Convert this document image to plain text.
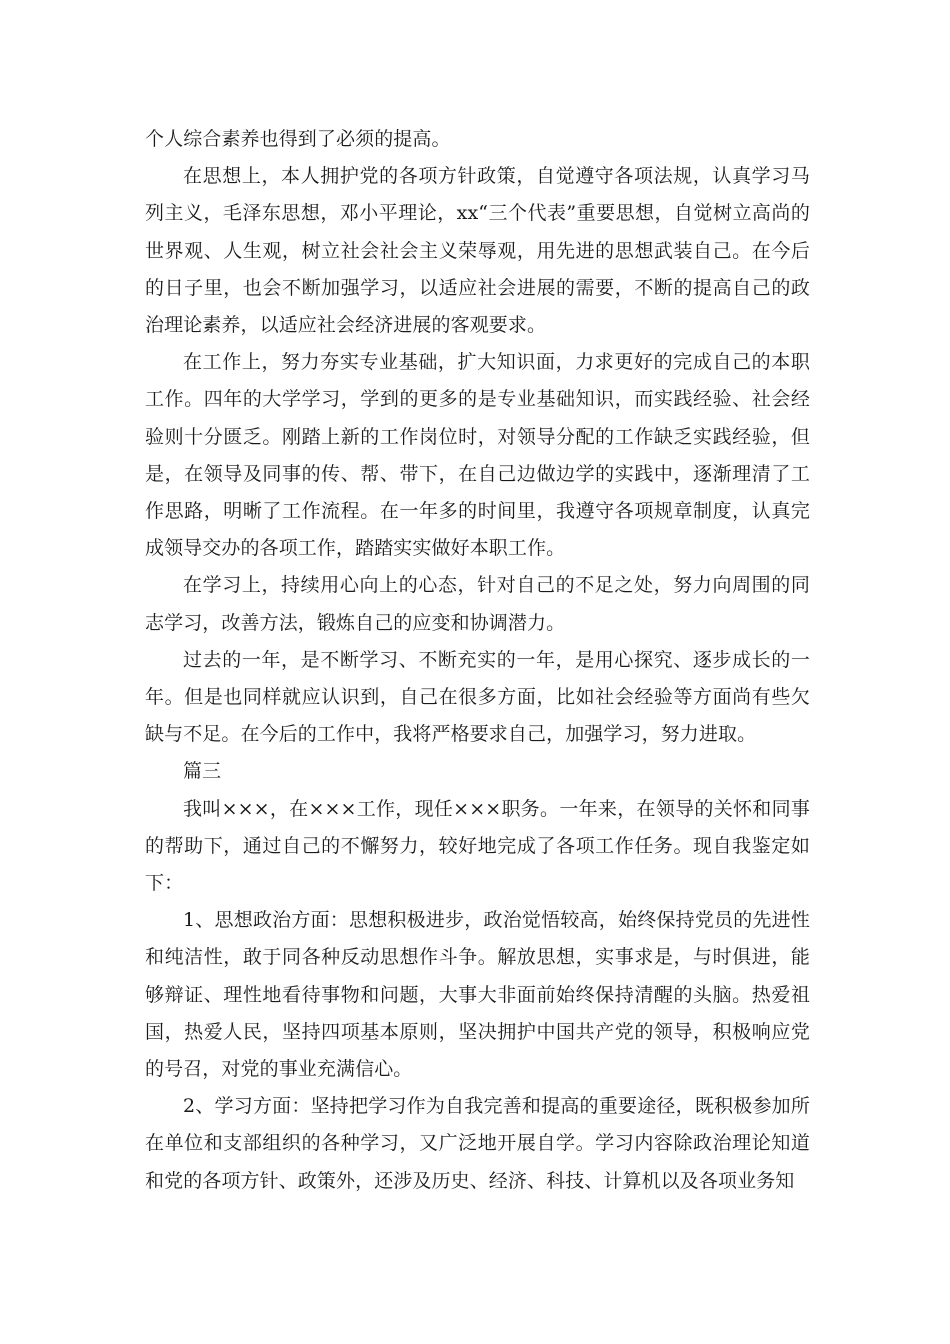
个人综合素养也得到了必须的提高。

在思想上，本人拥护党的各项方针政策，自觉遵守各项法规，认真学习马列主义，毛泽东思想，邓小平理论，xx“三个代表”重要思想，自觉树立高尚的世界观、人生观，树立社会社会主义荣辱观，用先进的思想武装自己。在今后的日子里，也会不断加强学习，以适应社会进展的需要，不断的提高自己的政治理论素养，以适应社会经济进展的客观要求。

在工作上，努力夯实专业基础，扩大知识面，力求更好的完成自己的本职工作。四年的大学学习，学到的更多的是专业基础知识，而实践经验、社会经验则十分匮乏。刚踏上新的工作岗位时，对领导分配的工作缺乏实践经验，但是，在领导及同事的传、帮、带下，在自己边做边学的实践中，逐渐理清了工作思路，明晰了工作流程。在一年多的时间里，我遵守各项规章制度，认真完成领导交办的各项工作，踏踏实实做好本职工作。

在学习上，持续用心向上的心态，针对自己的不足之处，努力向周围的同志学习，改善方法，锻炼自己的应变和协调潜力。

过去的一年，是不断学习、不断充实的一年，是用心探究、逐步成长的一年。但是也同样就应认识到，自己在很多方面，比如社会经验等方面尚有些欠缺与不足。在今后的工作中，我将严格要求自己，加强学习，努力进取。

篇三

我叫×××，在×××工作，现任×××职务。一年来，在领导的关怀和同事的帮助下，通过自己的不懈努力，较好地完成了各项工作任务。现自我鉴定如下：

1、思想政治方面：思想积极进步，政治觉悟较高，始终保持党员的先进性和纯洁性，敢于同各种反动思想作斗争。解放思想，实事求是，与时俱进，能够辩证、理性地看待事物和问题，大事大非面前始终保持清醒的头脑。热爱祖国，热爱人民，坚持四项基本原则，坚决拥护中国共产党的领导，积极响应党的号召，对党的事业充满信心。

2、学习方面：坚持把学习作为自我完善和提高的重要途径，既积极参加所在单位和支部组织的各种学习，又广泛地开展自学。学习内容除政治理论知道和党的各项方针、政策外，还涉及历史、经济、科技、计算机以及各项业务知
